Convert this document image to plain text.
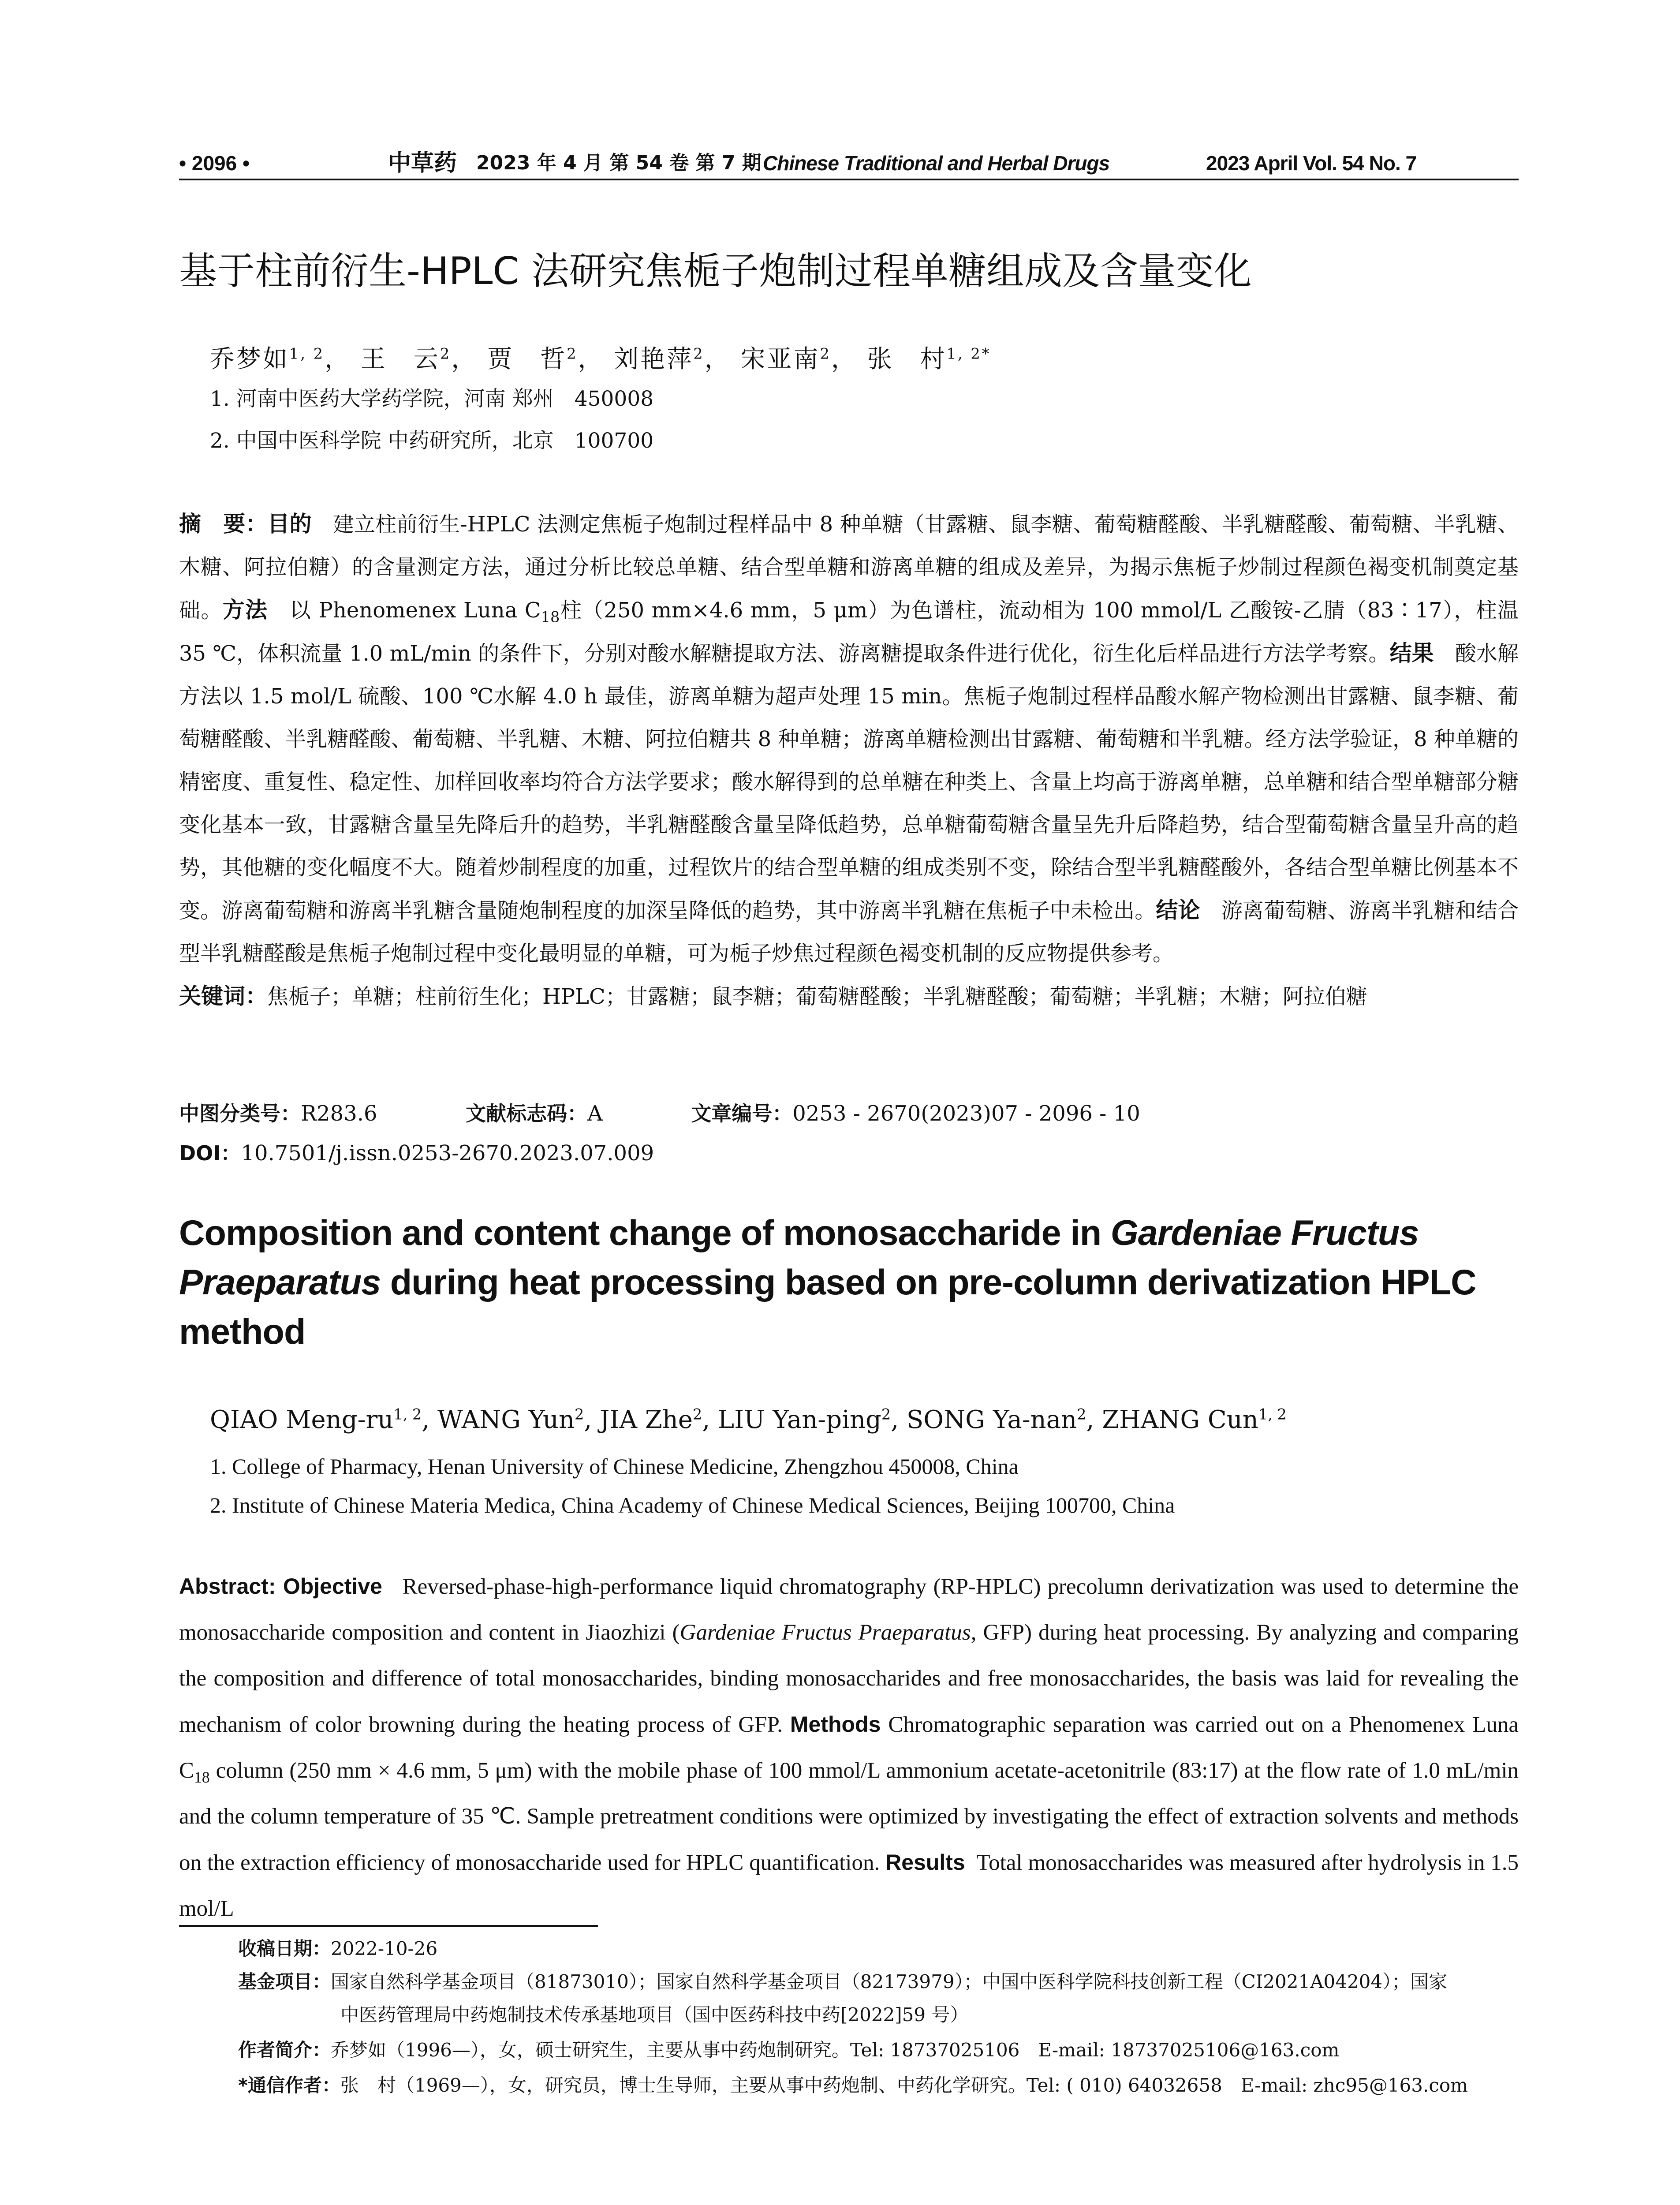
• 2096 •	中草药 2023 年 4 月 第 54 卷 第 7 期 Chinese Traditional and Herbal Drugs	2023 April Vol. 54 No. 7
基于柱前衍生-HPLC 法研究焦栀子炮制过程单糖组成及含量变化
乔梦如$^{1, 2}$， 王　云$^2$， 贾　哲$^2$， 刘艳萍$^2$， 宋亚南$^2$， 张　村$^{1, 2*}$
1. 河南中医药大学药学院，河南 郑州　450008
2. 中国中医科学院 中药研究所，北京　100700
摘　要：目的　 建立柱前衍生-HPLC 法测定焦栀子炮制过程样品中 8 种单糖（甘露糖、鼠李糖、葡萄糖醛酸、半乳糖醛酸、葡萄糖、半乳糖、木糖、阿拉伯糖）的含量测定方法，通过分析比较总单糖、结合型单糖和游离单糖的组成及差异，为揭示焦栀子炒制过程颜色褐变机制奠定基础。方法　 以 Phenomenex Luna $C_{18}$柱（250 mm×4.6 mm，5 μm）为色谱柱，流动相为 100 mmol/L 乙酸铵-乙腈（83∶17），柱温 35 ℃，体积流量 1.0 mL/min 的条件下，分别对酸水解糖提取方法、游离糖提取条件进行优化，衍生化后样品进行方法学考察。结果　 酸水解方法以 1.5 mol/L 硫酸、100 ℃水解 4.0 h 最佳，游离单糖为超声处理 15 min。焦栀子炮制过程样品酸水解产物检测出甘露糖、鼠李糖、葡萄糖醛酸、半乳糖醛酸、葡萄糖、半乳糖、木糖、阿拉伯糖共 8 种单糖；游离单糖检测出甘露糖、葡萄糖和半乳糖。经方法学验证，8 种单糖的精密度、重复性、稳定性、加样回收率均符合方法学要求；酸水解得到的总单糖在种类上、含量上均高于游离单糖，总单糖和结合型单糖部分糖变化基本一致，甘露糖含量呈先降后升的趋势，半乳糖醛酸含量呈降低趋势，总单糖葡萄糖含量呈先升后降趋势，结合型葡萄糖含量呈升高的趋势，其他糖的变化幅度不大。随着炒制程度的加重，过程饮片的结合型单糖的组成类别不变，除结合型半乳糖醛酸外，各结合型单糖比例基本不变。游离葡萄糖和游离半乳糖含量随炮制程度的加深呈降低的趋势，其中游离半乳糖在焦栀子中未检出。结论　 游离葡萄糖、游离半乳糖和结合型半乳糖醛酸是焦栀子炮制过程中变化最明显的单糖，可为栀子炒焦过程颜色褐变机制的反应物提供参考。
关键词：焦栀子；单糖；柱前衍生化；HPLC；甘露糖；鼠李糖；葡萄糖醛酸；半乳糖醛酸；葡萄糖；半乳糖；木糖；阿拉伯糖
中图分类号：R283.6	文献标志码：A	文章编号：0253 - 2670(2023)07 - 2096 - 10
DOI：10.7501/j.issn.0253-2670.2023.07.009
Composition and content change of monosaccharide in Gardeniae Fructus Praeparatus during heat processing based on pre-column derivatization HPLC method
QIAO Meng-ru$^{1, 2}$, WANG Yun$^2$, JIA Zhe$^2$, LIU Yan-ping$^2$, SONG Ya-nan$^2$, ZHANG Cun$^{1, 2}$
1. College of Pharmacy, Henan University of Chinese Medicine, Zhengzhou 450008, China
2. Institute of Chinese Materia Medica, China Academy of Chinese Medical Sciences, Beijing 100700, China
Abstract: Objective Reversed-phase-high-performance liquid chromatography (RP-HPLC) precolumn derivatization was used to determine the monosaccharide composition and content in Jiaozhizi (Gardeniae Fructus Praeparatus, GFP) during heat processing. By analyzing and comparing the composition and difference of total monosaccharides, binding monosaccharides and free monosaccharides, the basis was laid for revealing the mechanism of color browning during the heating process of GFP. Methods Chromatographic separation was carried out on a Phenomenex Luna $C_{18}$ column (250 mm × 4.6 mm, 5 μm) with the mobile phase of 100 mmol/L ammonium acetate-acetonitrile (83:17) at the flow rate of 1.0 mL/min and the column temperature of 35 ℃. Sample pretreatment conditions were optimized by investigating the effect of extraction solvents and methods on the extraction efficiency of monosaccharide used for HPLC quantification. Results Total monosaccharides was measured after hydrolysis in 1.5 mol/L
收稿日期：2022-10-26
基金项目：国家自然科学基金项目（81873010）；国家自然科学基金项目（82173979）；中国中医科学院科技创新工程（CI2021A04204）；国家
中医药管理局中药炮制技术传承基地项目（国中医药科技中药[2022]59 号）
作者简介：乔梦如（1996—），女，硕士研究生，主要从事中药炮制研究。Tel: 18737025106　E-mail: 18737025106@163.com
*通信作者：张　村（1969—），女，研究员，博士生导师，主要从事中药炮制、中药化学研究。Tel: ( 010) 64032658　E-mail: zhc95@163.com
